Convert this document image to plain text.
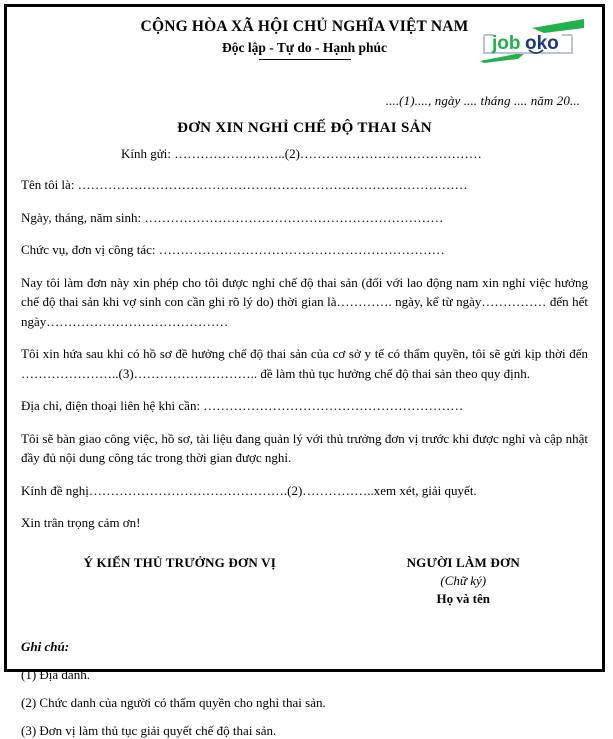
CỘNG HÒA XÃ HỘI CHỦ NGHĨA VIỆT NAM
Độc lập - Tự do - Hạnh phúc	job oko
....(1)...., ngày .... tháng .... năm 20...
ĐƠN XIN NGHỈ CHẾ ĐỘ THAI SẢN
Kính gửi: ……………………..(2)……………………………………
Tên tôi là: ………………………………………………………………………………
Ngày, tháng, năm sinh: ……………………………………………………………
Chức vụ, đơn vị công tác: …………………………………………………………
Nay tôi làm đơn này xin phép cho tôi được nghỉ chế độ thai sản (đối với lao động nam xin nghỉ việc hưởng chế độ thai sản khi vợ sinh con cần ghi rõ lý do) thời gian là…………. ngày, kể từ ngày…………… đến hết ngày……………………………………
Tôi xin hứa sau khi có hồ sơ đề hưởng chế độ thai sản của cơ sở y tế có thẩm quyền, tôi sẽ gửi kịp thời đến …………………..(3)……………………….. đề làm thủ tục hưởng chế độ thai sản theo quy định.
Địa chỉ, điện thoại liên hệ khi cần: ……………………………………………………
Tôi sẽ bàn giao công việc, hồ sơ, tài liệu đang quản lý với thủ trưởng đơn vị trước khi được nghỉ và cập nhật đầy đủ nội dung công tác trong thời gian được nghỉ.
Kính đề nghị……………………………………….(2)……………..xem xét, giải quyết.
Xin trân trọng cảm ơn!
Ý KIẾN THỦ TRƯỞNG ĐƠN VỊ	NGƯỜI LÀM ĐƠN
(Chữ ký)
Họ và tên
Ghi chú:
(1) Địa danh.
(2) Chức danh của người có thẩm quyền cho nghỉ thai sản.
(3) Đơn vị làm thủ tục giải quyết chế độ thai sản.
